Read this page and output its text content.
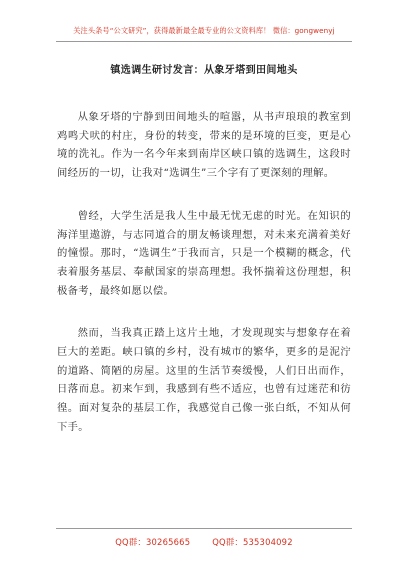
关注头条号“公文研究”，获得最新最全最专业的公文资料库！ 微信：gongwenyj
镇选调生研讨发言：从象牙塔到田间地头

从象牙塔的宁静到田间地头的喧嚣，从书声琅琅的教室到鸡鸣犬吠的村庄，身份的转变，带来的是环境的巨变，更是心境的洗礼。作为一名今年来到南岸区峡口镇的选调生，这段时间经历的一切，让我对“选调生”三个字有了更深刻的理解。

曾经，大学生活是我人生中最无忧无虑的时光。在知识的海洋里遨游，与志同道合的朋友畅谈理想，对未来充满着美好的憧憬。那时，“选调生”于我而言，只是一个模糊的概念，代表着服务基层、奉献国家的崇高理想。我怀揣着这份理想，积极备考，最终如愿以偿。

然而，当我真正踏上这片土地，才发现现实与想象存在着巨大的差距。峡口镇的乡村，没有城市的繁华，更多的是泥泞的道路、简陋的房屋。这里的生活节奏缓慢，人们日出而作，日落而息。初来乍到，我感到有些不适应，也曾有过迷茫和彷徨。面对复杂的基层工作，我感觉自己像一张白纸，不知从何下手。

QQ群：30265665	QQ群：535304092
